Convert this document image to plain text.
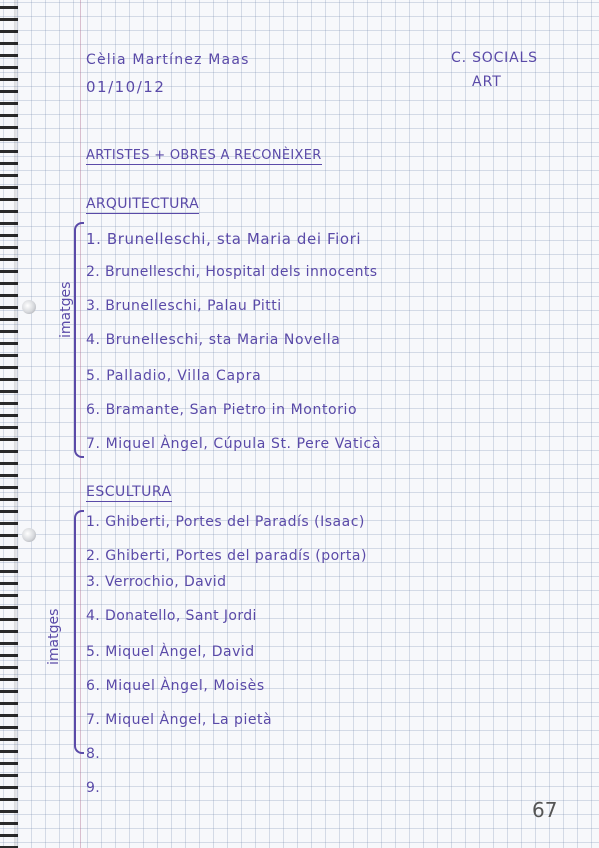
Cèlia Martínez Maas
01/10/12
C. SOCIALS
ART
ARTISTES + OBRES A RECONÈIXER
ARQUITECTURA
imatges
1. Brunelleschi, sta Maria dei Fiori
2. Brunelleschi, Hospital dels innocents
3. Brunelleschi, Palau Pitti
4. Brunelleschi, sta Maria Novella
5. Palladio, Villa Capra
6. Bramante, San Pietro in Montorio
7. Miquel Àngel, Cúpula St. Pere Vaticà
ESCULTURA
imatges
1. Ghiberti, Portes del Paradís (Isaac)
2. Ghiberti, Portes del paradís (porta)
3. Verrochio, David
4. Donatello, Sant Jordi
5. Miquel Àngel, David
6. Miquel Àngel, Moisès
7. Miquel Àngel, La pietà
8.
9.
67
